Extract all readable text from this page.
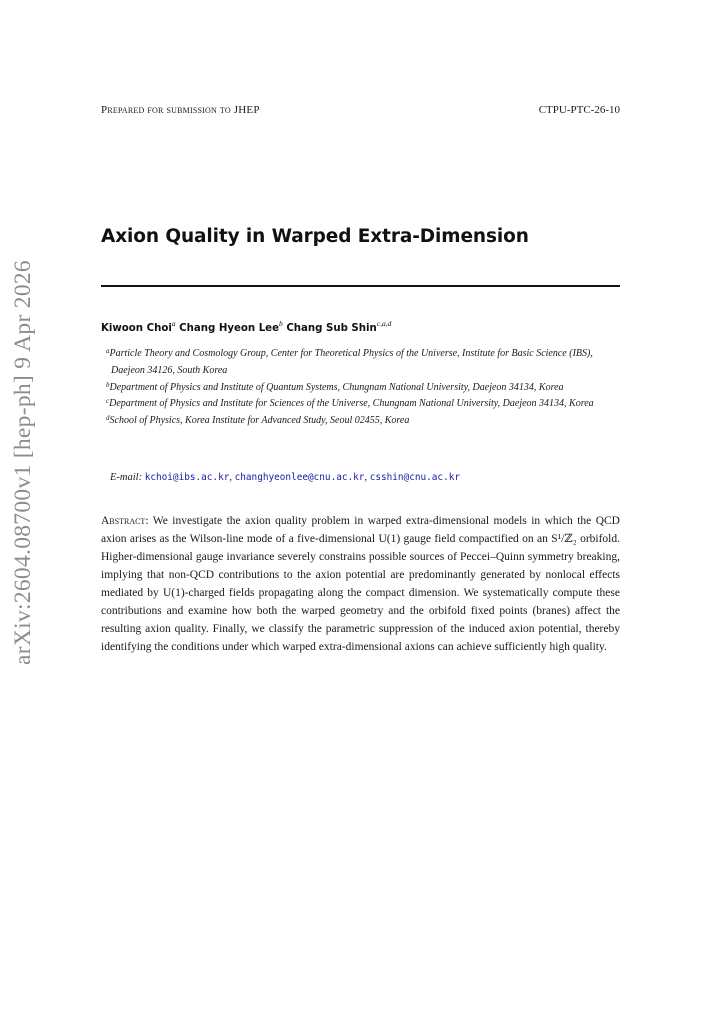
Prepared for submission to JHEP	CTPU-PTC-26-10
arXiv:2604.08700v1 [hep-ph] 9 Apr 2026
Axion Quality in Warped Extra-Dimension
Kiwoon Choi$^a$ Chang Hyeon Lee$^b$ Chang Sub Shin$^{c,a,d}$

$^a$Particle Theory and Cosmology Group, Center for Theoretical Physics of the Universe, Institute for Basic Science (IBS), Daejeon 34126, South Korea

$^b$Department of Physics and Institute of Quantum Systems, Chungnam National University, Daejeon 34134, Korea

$^c$Department of Physics and Institute for Sciences of the Universe, Chungnam National University, Daejeon 34134, Korea

$^d$School of Physics, Korea Institute for Advanced Study, Seoul 02455, Korea

E-mail: kchoi@ibs.ac.kr, changhyeonlee@cnu.ac.kr, csshin@cnu.ac.kr

Abstract: We investigate the axion quality problem in warped extra-dimensional models in which the QCD axion arises as the Wilson-line mode of a five-dimensional U(1) gauge field compactified on an S¹/ℤ₂ orbifold. Higher-dimensional gauge invariance severely constrains possible sources of Peccei–Quinn symmetry breaking, implying that non-QCD contributions to the axion potential are predominantly generated by nonlocal effects mediated by U(1)-charged fields propagating along the compact dimension. We systematically compute these contributions and examine how both the warped geometry and the orbifold fixed points (branes) affect the resulting axion quality. Finally, we classify the parametric suppression of the induced axion potential, thereby identifying the conditions under which warped extra-dimensional axions can achieve sufficiently high quality.
